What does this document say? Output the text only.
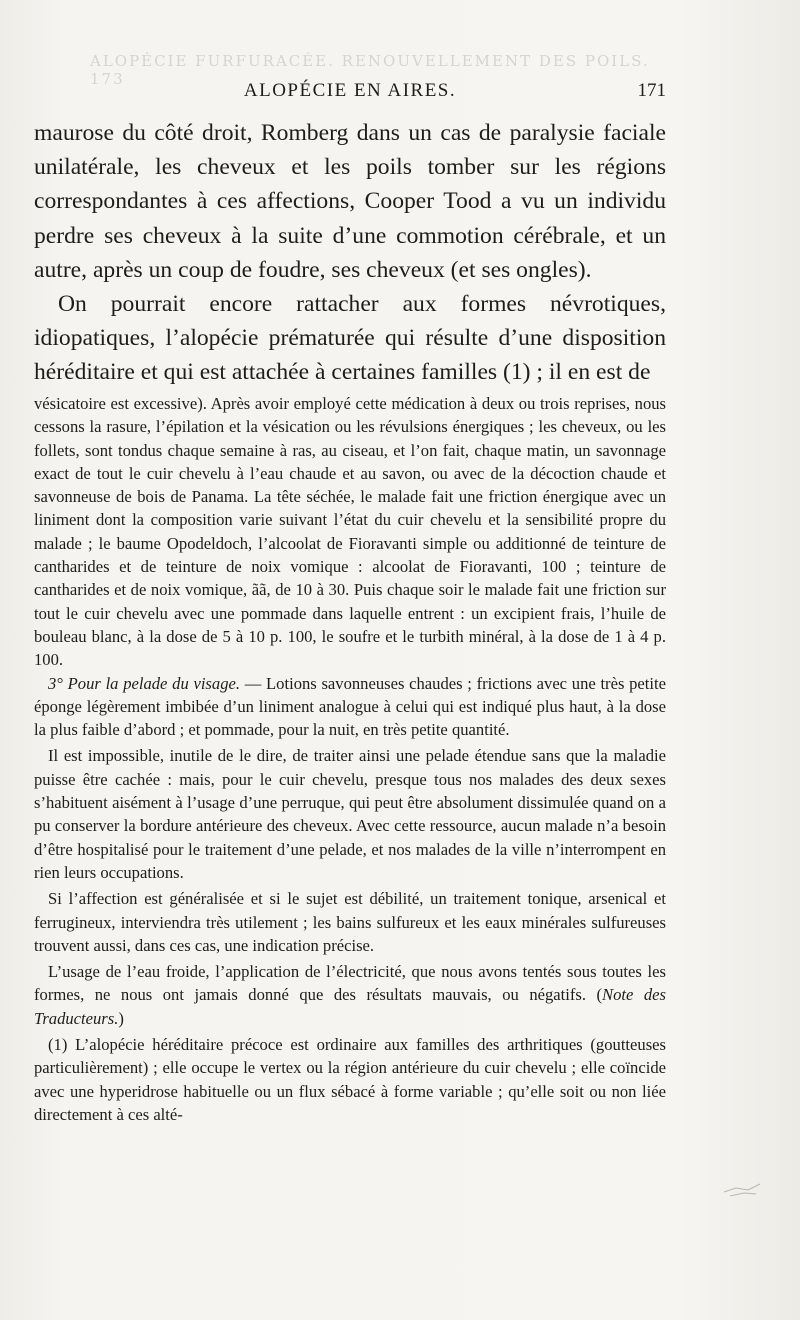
ALOPÉCIE FURFURACÉE. RENOUVELLEMENT DES POILS. 173
ALOPÉCIE EN AIRES.	171

maurose du côté droit, Romberg dans un cas de paralysie faciale unilatérale, les cheveux et les poils tomber sur les régions correspondantes à ces affections, Cooper Tood a vu un individu perdre ses cheveux à la suite d’une commotion cérébrale, et un autre, après un coup de foudre, ses cheveux (et ses ongles).

On pourrait encore rattacher aux formes névrotiques, idiopatiques, l’alopécie prématurée qui résulte d’une disposition héréditaire et qui est attachée à certaines familles (1) ; il en est de

vésicatoire est excessive). Après avoir employé cette médication à deux ou trois reprises, nous cessons la rasure, l’épilation et la vésication ou les révulsions énergiques ; les cheveux, ou les follets, sont tondus chaque semaine à ras, au ciseau, et l’on fait, chaque matin, un savonnage exact de tout le cuir chevelu à l’eau chaude et au savon, ou avec de la décoction chaude et savonneuse de bois de Panama. La tête séchée, le malade fait une friction énergique avec un liniment dont la composition varie suivant l’état du cuir chevelu et la sensibilité propre du malade ; le baume Opodeldoch, l’alcoolat de Fioravanti simple ou additionné de teinture de cantharides et de teinture de noix vomique : alcoolat de Fioravanti, 100 ; teinture de cantharides et de noix vomique, ãã, de 10 à 30. Puis chaque soir le malade fait une friction sur tout le cuir chevelu avec une pommade dans laquelle entrent : un excipient frais, l’huile de bouleau blanc, à la dose de 5 à 10 p. 100, le soufre et le turbith minéral, à la dose de 1 à 4 p. 100.

3° Pour la pelade du visage. — Lotions savonneuses chaudes ; frictions avec une très petite éponge légèrement imbibée d’un liniment analogue à celui qui est indiqué plus haut, à la dose la plus faible d’abord ; et pommade, pour la nuit, en très petite quantité.

Il est impossible, inutile de le dire, de traiter ainsi une pelade étendue sans que la maladie puisse être cachée : mais, pour le cuir chevelu, presque tous nos malades des deux sexes s’habituent aisément à l’usage d’une perruque, qui peut être absolument dissimulée quand on a pu conserver la bordure antérieure des cheveux. Avec cette ressource, aucun malade n’a besoin d’être hospitalisé pour le traitement d’une pelade, et nos malades de la ville n’interrompent en rien leurs occupations.

Si l’affection est généralisée et si le sujet est débilité, un traitement tonique, arsenical et ferrugineux, interviendra très utilement ; les bains sulfureux et les eaux minérales sulfureuses trouvent aussi, dans ces cas, une indication précise.

L’usage de l’eau froide, l’application de l’électricité, que nous avons tentés sous toutes les formes, ne nous ont jamais donné que des résultats mauvais, ou négatifs. (Note des Traducteurs.)

(1) L’alopécie héréditaire précoce est ordinaire aux familles des arthritiques (goutteuses particulièrement) ; elle occupe le vertex ou la région antérieure du cuir chevelu ; elle coïncide avec une hyperidrose habituelle ou un flux sébacé à forme variable ; qu’elle soit ou non liée directement à ces alté-
